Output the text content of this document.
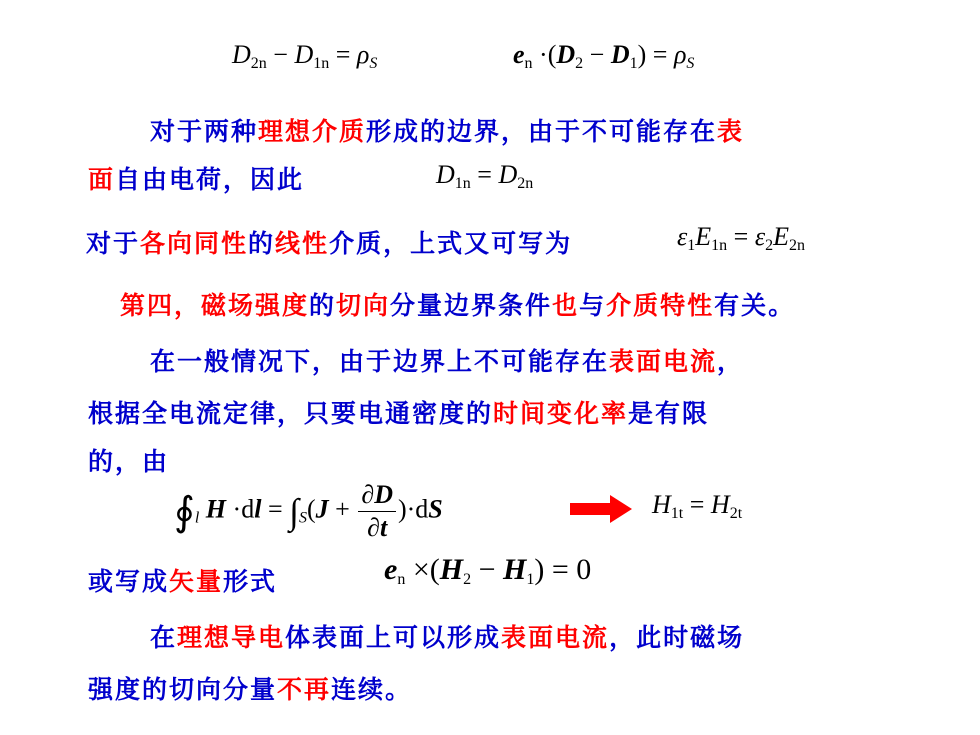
$D_{2n} - D_{1n} = \rho_S$	$e_n \cdot(D_2 - D_1) = \rho_S$
对于两种理想介质形成的边界，由于不可能存在表
面自由电荷，因此	$D_{1n} = D_{2n}$
对于各向同性的线性介质，上式又可写为	$\varepsilon_1E_{1n} = \varepsilon_2E_{2n}$
第四，磁场强度的切向分量边界条件也与介质特性有关。
在一般情况下，由于边界上不可能存在表面电流，
根据全电流定律，只要电通密度的时间变化率是有限
的，由
$∮_l$ $H \cdot dl = \int_S(J + \frac{\partial D}{\partial t} )\cdot dS$	$H_{1t} = H_{2t}$
或写成矢量形式	$e_n \times(H_2 - H_1) = 0$
在理想导电体表面上可以形成表面电流，此时磁场
强度的切向分量不再连续。
